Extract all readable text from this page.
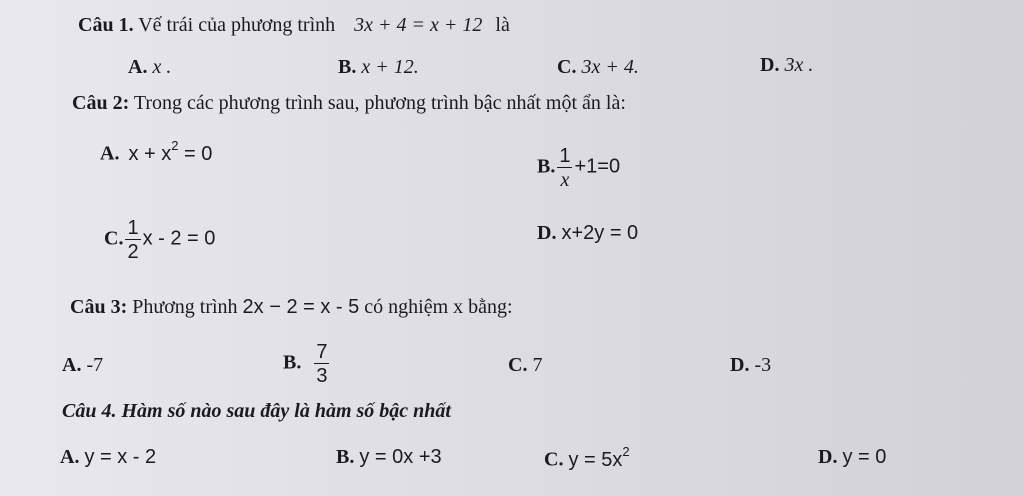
Câu 1. Vế trái của phương trình 3x + 4 = x + 12 là
A. x .	B. x + 12.	C. 3x + 4.	D. 3x .
Câu 2: Trong các phương trình sau, phương trình bậc nhất một ẩn là:
A. $x + x^2 = 0$
B. $\frac{1}{x} +1=0$
C. $\frac{1}{2}$ x - 2 = 0	D. x+2y = 0
Câu 3: Phương trình 2x − 2 = x - 5 có nghiệm x bằng:
A. -7	B. $\frac{7}{3}$	C. 7	D. -3
Câu 4. Hàm số nào sau đây là hàm số bậc nhất
A. y = x - 2	B. y = 0x +3	C. $y = 5x^2$	D. y = 0
